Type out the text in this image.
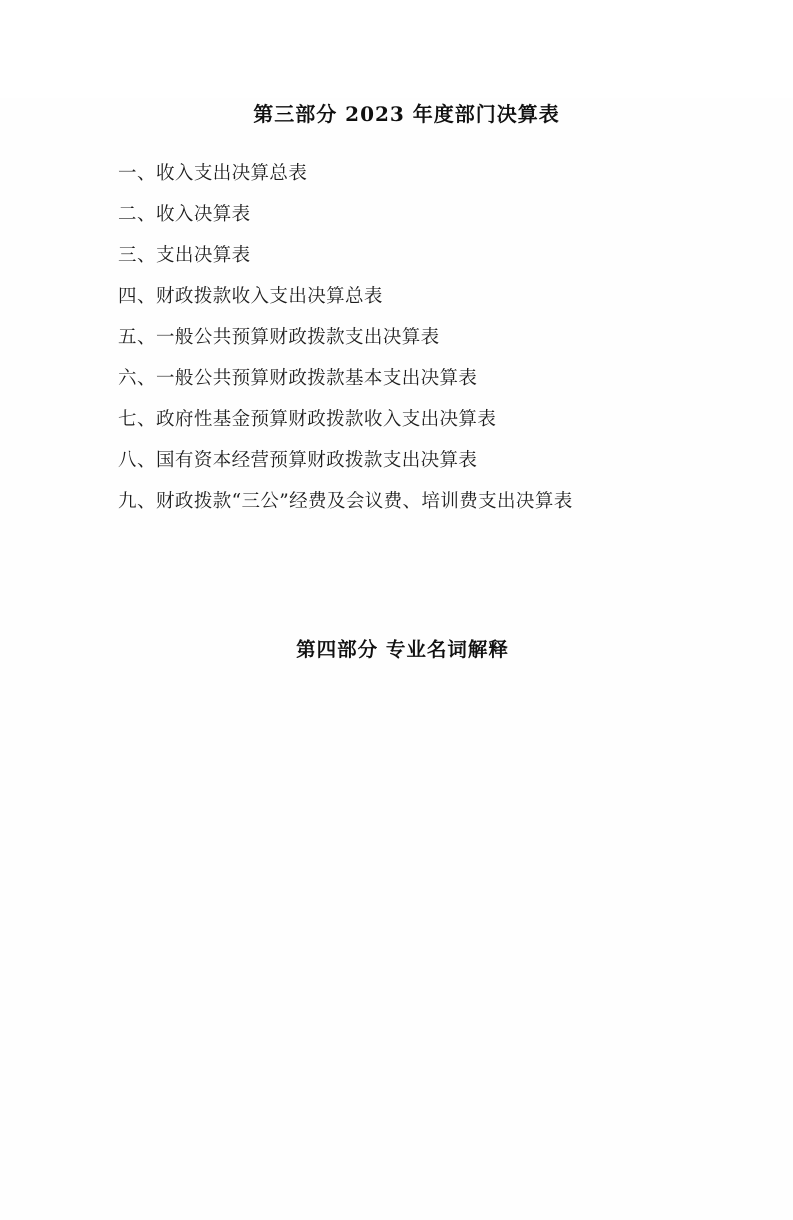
第三部分 2023 年度部门决算表
一、收入支出决算总表
二、收入决算表
三、支出决算表
四、财政拨款收入支出决算总表
五、一般公共预算财政拨款支出决算表
六、一般公共预算财政拨款基本支出决算表
七、政府性基金预算财政拨款收入支出决算表
八、国有资本经营预算财政拨款支出决算表
九、财政拨款“三公”经费及会议费、培训费支出决算表
第四部分 专业名词解释
